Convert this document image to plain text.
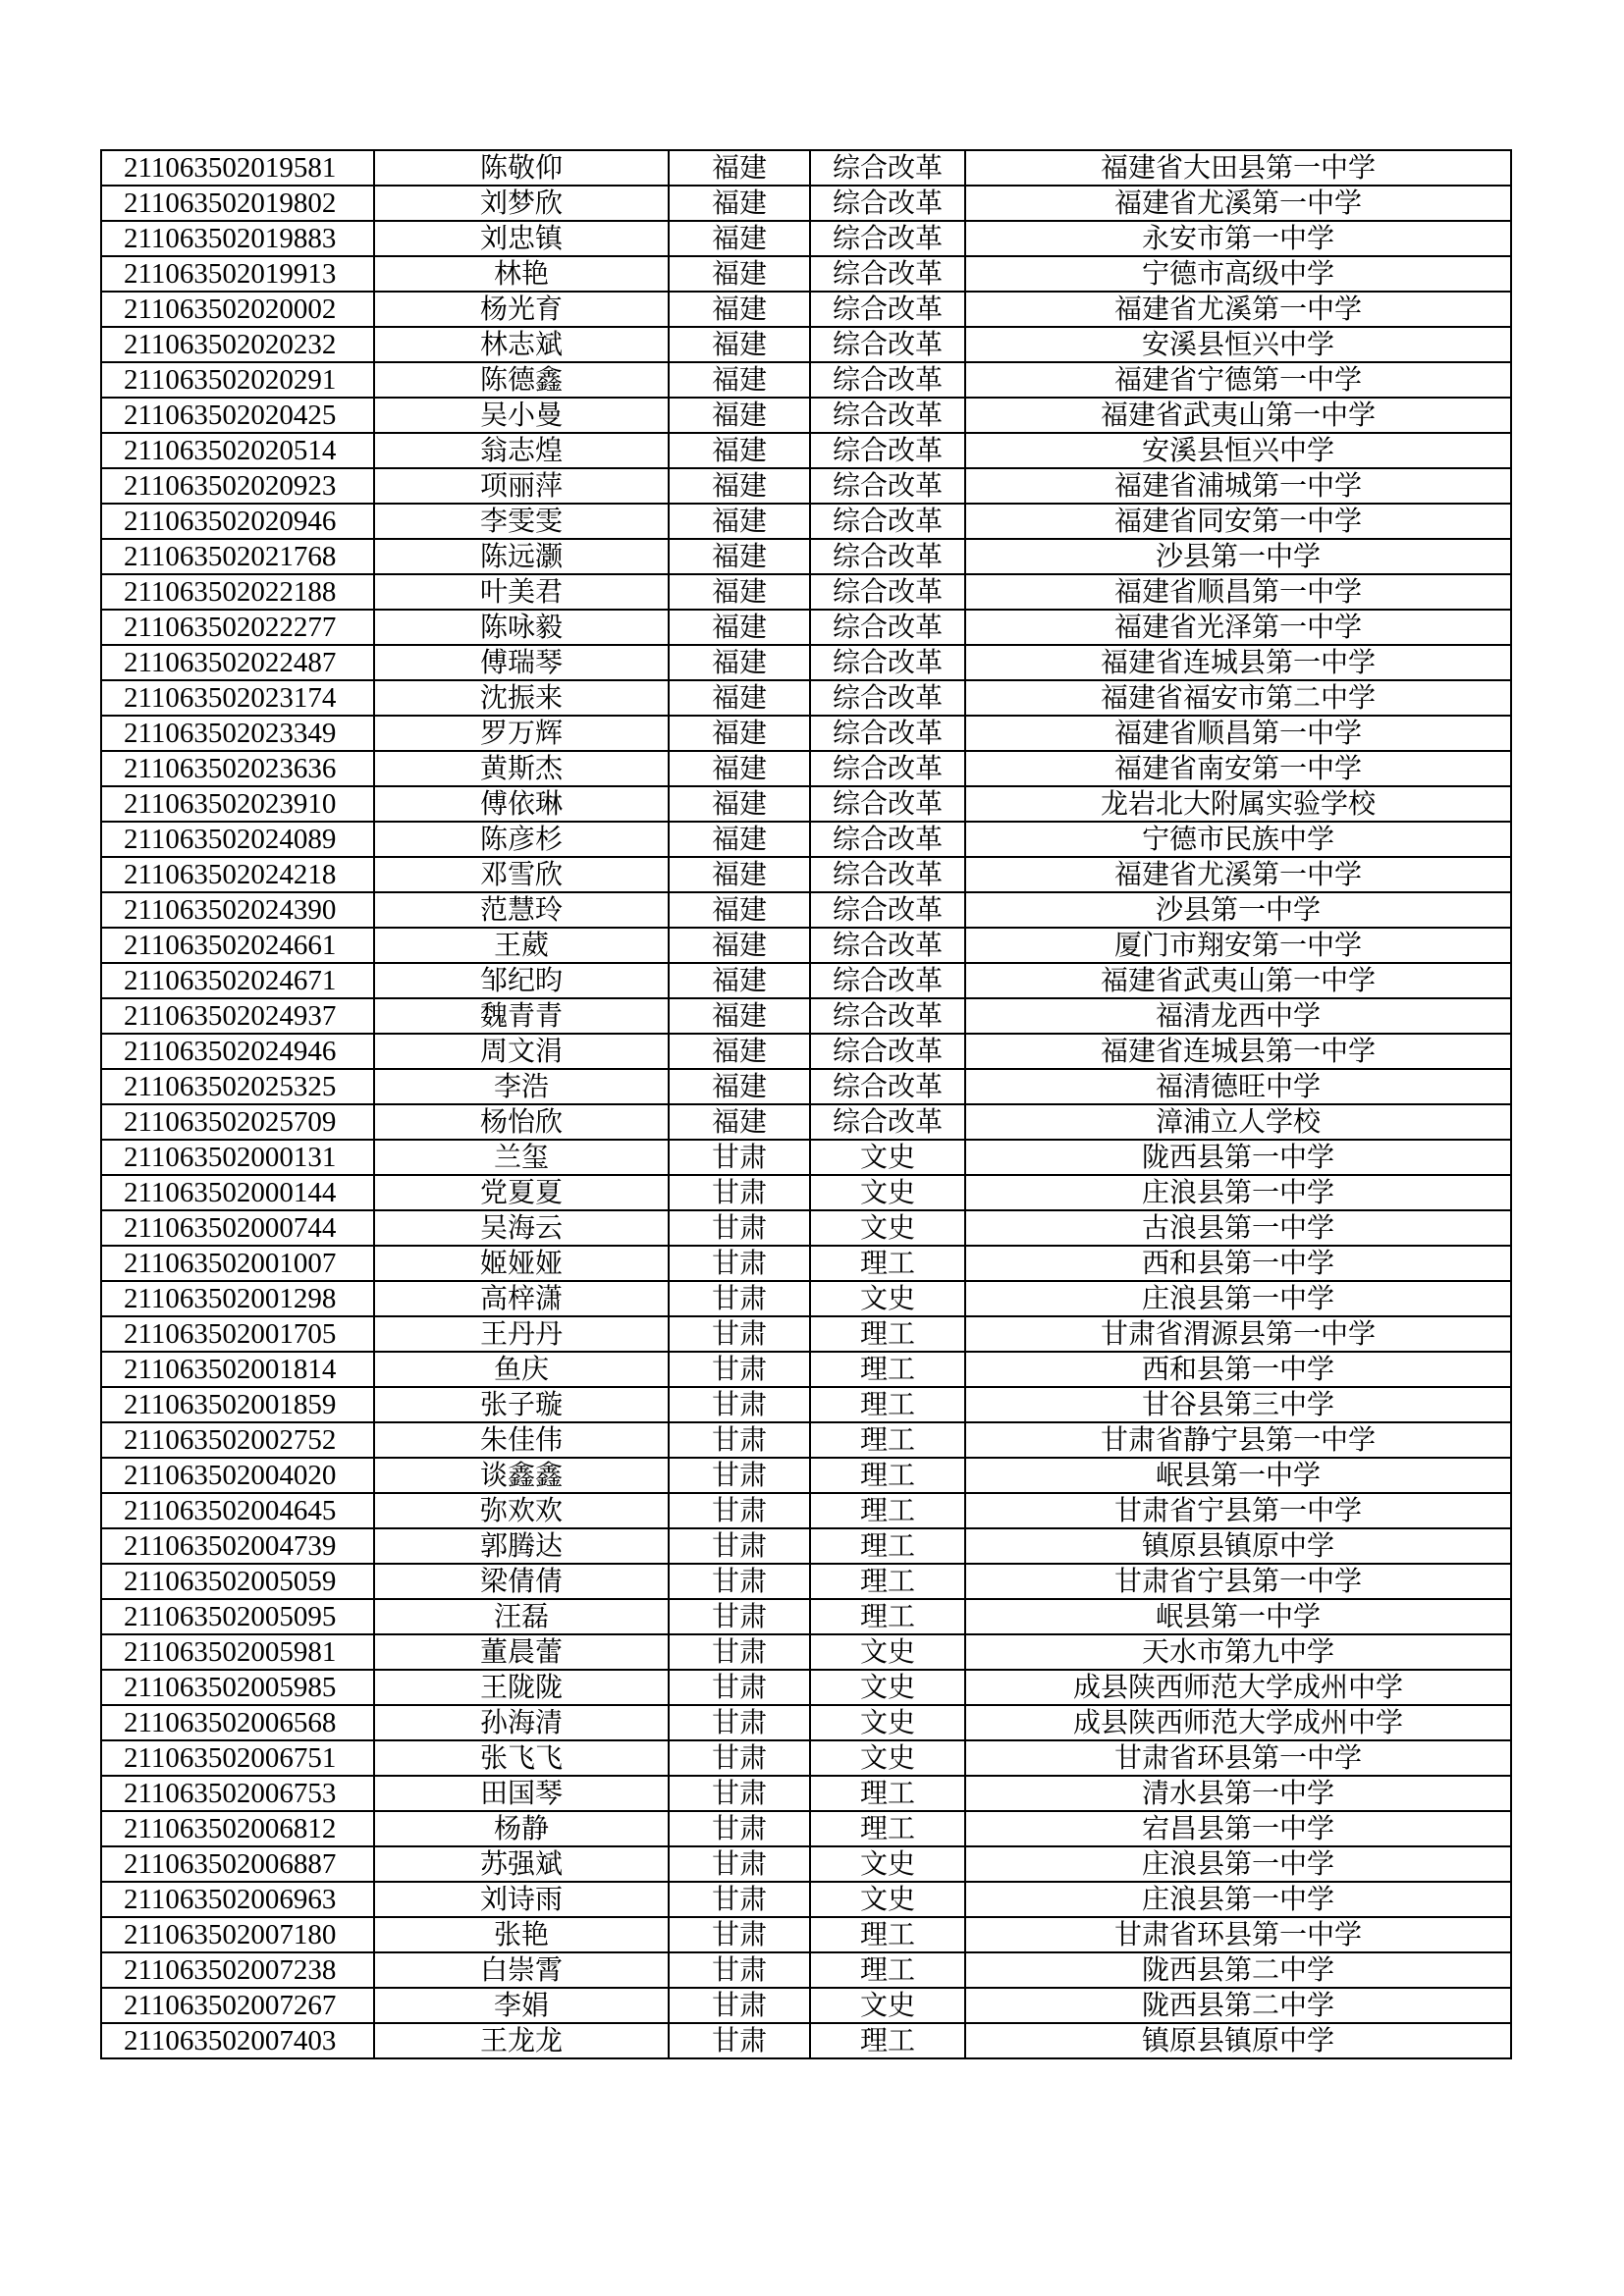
211063502019581	陈敬仰	福建	综合改革	福建省大田县第一中学
211063502019802	刘梦欣	福建	综合改革	福建省尤溪第一中学
211063502019883	刘忠镇	福建	综合改革	永安市第一中学
211063502019913	林艳	福建	综合改革	宁德市高级中学
211063502020002	杨光育	福建	综合改革	福建省尤溪第一中学
211063502020232	林志斌	福建	综合改革	安溪县恒兴中学
211063502020291	陈德鑫	福建	综合改革	福建省宁德第一中学
211063502020425	吴小曼	福建	综合改革	福建省武夷山第一中学
211063502020514	翁志煌	福建	综合改革	安溪县恒兴中学
211063502020923	项丽萍	福建	综合改革	福建省浦城第一中学
211063502020946	李雯雯	福建	综合改革	福建省同安第一中学
211063502021768	陈远灏	福建	综合改革	沙县第一中学
211063502022188	叶美君	福建	综合改革	福建省顺昌第一中学
211063502022277	陈咏毅	福建	综合改革	福建省光泽第一中学
211063502022487	傅瑞琴	福建	综合改革	福建省连城县第一中学
211063502023174	沈振来	福建	综合改革	福建省福安市第二中学
211063502023349	罗万辉	福建	综合改革	福建省顺昌第一中学
211063502023636	黄斯杰	福建	综合改革	福建省南安第一中学
211063502023910	傅依琳	福建	综合改革	龙岩北大附属实验学校
211063502024089	陈彦杉	福建	综合改革	宁德市民族中学
211063502024218	邓雪欣	福建	综合改革	福建省尤溪第一中学
211063502024390	范慧玲	福建	综合改革	沙县第一中学
211063502024661	王葳	福建	综合改革	厦门市翔安第一中学
211063502024671	邹纪昀	福建	综合改革	福建省武夷山第一中学
211063502024937	魏青青	福建	综合改革	福清龙西中学
211063502024946	周文涓	福建	综合改革	福建省连城县第一中学
211063502025325	李浩	福建	综合改革	福清德旺中学
211063502025709	杨怡欣	福建	综合改革	漳浦立人学校
211063502000131	兰玺	甘肃	文史	陇西县第一中学
211063502000144	党夏夏	甘肃	文史	庄浪县第一中学
211063502000744	吴海云	甘肃	文史	古浪县第一中学
211063502001007	姬娅娅	甘肃	理工	西和县第一中学
211063502001298	高梓潇	甘肃	文史	庄浪县第一中学
211063502001705	王丹丹	甘肃	理工	甘肃省渭源县第一中学
211063502001814	鱼庆	甘肃	理工	西和县第一中学
211063502001859	张子璇	甘肃	理工	甘谷县第三中学
211063502002752	朱佳伟	甘肃	理工	甘肃省静宁县第一中学
211063502004020	谈鑫鑫	甘肃	理工	岷县第一中学
211063502004645	弥欢欢	甘肃	理工	甘肃省宁县第一中学
211063502004739	郭腾达	甘肃	理工	镇原县镇原中学
211063502005059	梁倩倩	甘肃	理工	甘肃省宁县第一中学
211063502005095	汪磊	甘肃	理工	岷县第一中学
211063502005981	董晨蕾	甘肃	文史	天水市第九中学
211063502005985	王陇陇	甘肃	文史	成县陕西师范大学成州中学
211063502006568	孙海清	甘肃	文史	成县陕西师范大学成州中学
211063502006751	张飞飞	甘肃	文史	甘肃省环县第一中学
211063502006753	田国琴	甘肃	理工	清水县第一中学
211063502006812	杨静	甘肃	理工	宕昌县第一中学
211063502006887	苏强斌	甘肃	文史	庄浪县第一中学
211063502006963	刘诗雨	甘肃	文史	庄浪县第一中学
211063502007180	张艳	甘肃	理工	甘肃省环县第一中学
211063502007238	白崇霄	甘肃	理工	陇西县第二中学
211063502007267	李娟	甘肃	文史	陇西县第二中学
211063502007403	王龙龙	甘肃	理工	镇原县镇原中学
